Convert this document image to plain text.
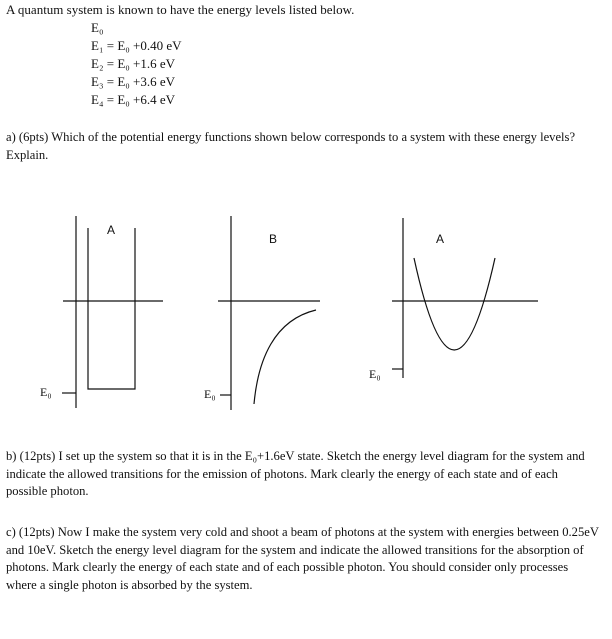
A quantum system is known to have the energy levels listed below.
E₀
E₁ = E₀ +0.40 eV
E₂ = E₀ +1.6 eV
E₃ = E₀ +3.6 eV
E₄ = E₀ +6.4 eV
a) (6pts) Which of the potential energy functions shown below corresponds to a system with these energy levels? Explain.
A
E₀
B
E₀
A
E₀
b) (12pts) I set up the system so that it is in the E₀+1.6eV state. Sketch the energy level diagram for the system and indicate the allowed transitions for the emission of photons. Mark clearly the energy of each state and of each possible photon.
c) (12pts) Now I make the system very cold and shoot a beam of photons at the system with energies between 0.25eV and 10eV. Sketch the energy level diagram for the system and indicate the allowed transitions for the absorption of photons. Mark clearly the energy of each state and of each possible photon. You should consider only processes where a single photon is absorbed by the system.
